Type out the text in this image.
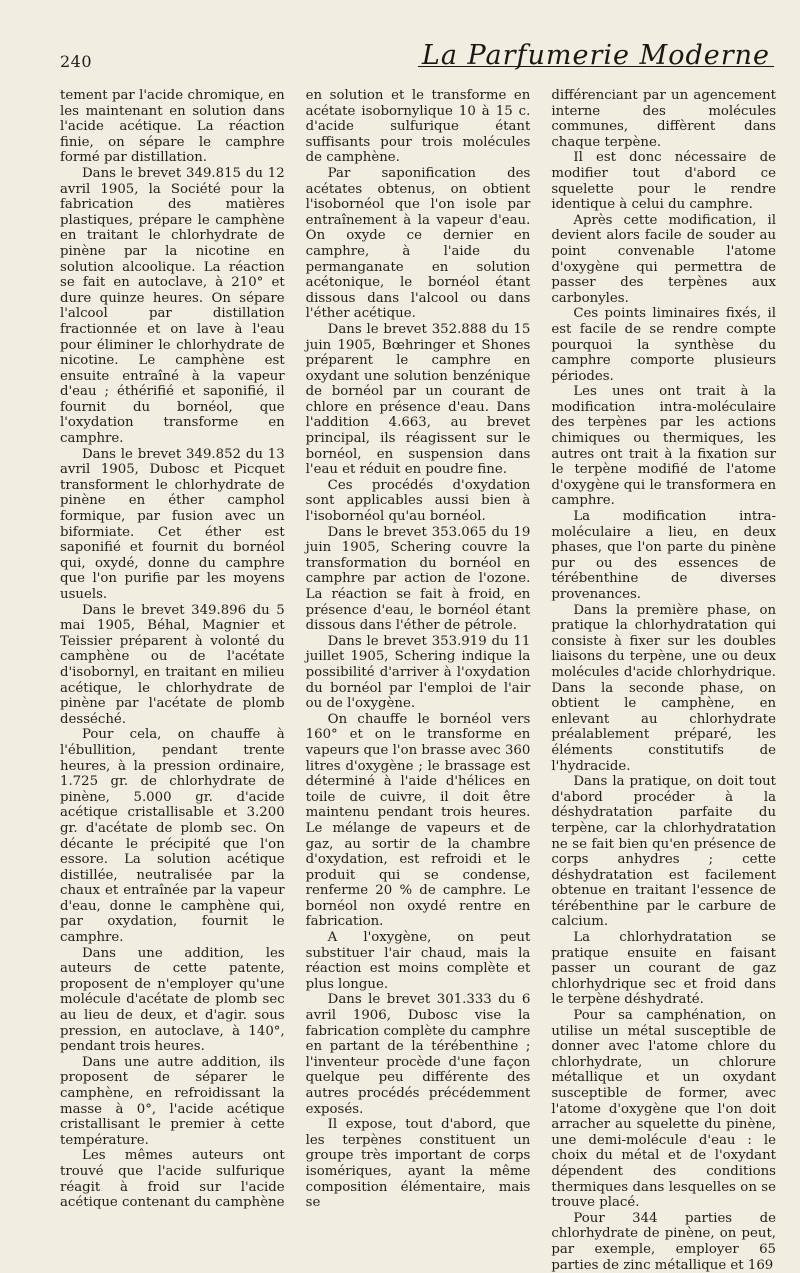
240	La Parfumerie Moderne

tement par l'acide chromique, en les maintenant en solution dans l'acide acétique. La réaction finie, on sépare le camphre formé par distillation.

Dans le brevet 349.815 du 12 avril 1905, la Société pour la fabrication des matières plastiques, prépare le camphène en traitant le chlorhydrate de pinène par la nicotine en solution alcoolique. La réaction se fait en autoclave, à 210° et dure quinze heures. On sépare l'alcool par distillation fractionnée et on lave à l'eau pour éliminer le chlorhydrate de nicotine. Le camphène est ensuite entraîné à la vapeur d'eau ; éthérifié et saponifié, il fournit du bornéol, que l'oxydation transforme en camphre.

Dans le brevet 349.852 du 13 avril 1905, Dubosc et Picquet transforment le chlorhydrate de pinène en éther camphol formique, par fusion avec un biformiate. Cet éther est saponifié et fournit du bornéol qui, oxydé, donne du camphre que l'on purifie par les moyens usuels.

Dans le brevet 349.896 du 5 mai 1905, Béhal, Magnier et Teissier préparent à volonté du camphène ou de l'acétate d'isobornyl, en traitant en milieu acétique, le chlorhydrate de pinène par l'acétate de plomb desséché.

Pour cela, on chauffe à l'ébullition, pendant trente heures, à la pression ordinaire, 1.725 gr. de chlorhydrate de pinène, 5.000 gr. d'acide acétique cristallisable et 3.200 gr. d'acétate de plomb sec. On décante le précipité que l'on essore. La solution acétique distillée, neutralisée par la chaux et entraînée par la vapeur d'eau, donne le camphène qui, par oxydation, fournit le camphre.

Dans une addition, les auteurs de cette patente, proposent de n'employer qu'une molécule d'acétate de plomb sec au lieu de deux, et d'agir. sous pression, en autoclave, à 140°, pendant trois heures.

Dans une autre addition, ils proposent de séparer le camphène, en refroidissant la masse à 0°, l'acide acétique cristallisant le premier à cette température.

Les mêmes auteurs ont trouvé que l'acide sulfurique réagit à froid sur l'acide acétique contenant du camphène

en solution et le transforme en acétate isobornylique 10 à 15 c. d'acide sulfurique étant suffisants pour trois molécules de camphène.

Par saponification des acétates obtenus, on obtient l'isobornéol que l'on isole par entraînement à la vapeur d'eau. On oxyde ce dernier en camphre, à l'aide du permanganate en solution acétonique, le bornéol étant dissous dans l'alcool ou dans l'éther acétique.

Dans le brevet 352.888 du 15 juin 1905, Bœhringer et Shones préparent le camphre en oxydant une solution benzénique de bornéol par un courant de chlore en présence d'eau. Dans l'addition 4.663, au brevet principal, ils réagissent sur le bornéol, en suspension dans l'eau et réduit en poudre fine.

Ces procédés d'oxydation sont applicables aussi bien à l'isobornéol qu'au bornéol.

Dans le brevet 353.065 du 19 juin 1905, Schering couvre la transformation du bornéol en camphre par action de l'ozone. La réaction se fait à froid, en présence d'eau, le bornéol étant dissous dans l'éther de pétrole.

Dans le brevet 353.919 du 11 juillet 1905, Schering indique la possibilité d'arriver à l'oxydation du bornéol par l'emploi de l'air ou de l'oxygène.

On chauffe le bornéol vers 160° et on le transforme en vapeurs que l'on brasse avec 360 litres d'oxygène ; le brassage est déterminé à l'aide d'hélices en toile de cuivre, il doit être maintenu pendant trois heures. Le mélange de vapeurs et de gaz, au sortir de la chambre d'oxydation, est refroidi et le produit qui se condense, renferme 20 % de camphre. Le bornéol non oxydé rentre en fabrication.

A l'oxygène, on peut substituer l'air chaud, mais la réaction est moins complète et plus longue.

Dans le brevet 301.333 du 6 avril 1906, Dubosc vise la fabrication complète du camphre en partant de la térébenthine ; l'inventeur procède d'une façon quelque peu différente des autres procédés précédemment exposés.

Il expose, tout d'abord, que les terpènes constituent un groupe très important de corps isomériques, ayant la même composition élémentaire, mais se

différenciant par un agencement interne des molécules communes, diffèrent dans chaque terpène.

Il est donc nécessaire de modifier tout d'abord ce squelette pour le rendre identique à celui du camphre.

Après cette modification, il devient alors facile de souder au point convenable l'atome d'oxygène qui permettra de passer des terpènes aux carbonyles.

Ces points liminaires fixés, il est facile de se rendre compte pourquoi la synthèse du camphre comporte plusieurs périodes.

Les unes ont trait à la modification intra-moléculaire des terpènes par les actions chimiques ou thermiques, les autres ont trait à la fixation sur le terpène modifié de l'atome d'oxygène qui le transformera en camphre.

La modification intra-moléculaire a lieu, en deux phases, que l'on parte du pinène pur ou des essences de térébenthine de diverses provenances.

Dans la première phase, on pratique la chlorhydratation qui consiste à fixer sur les doubles liaisons du terpène, une ou deux molécules d'acide chlorhydrique. Dans la seconde phase, on obtient le camphène, en enlevant au chlorhydrate préalablement préparé, les éléments constitutifs de l'hydracide.

Dans la pratique, on doit tout d'abord procéder à la déshydratation parfaite du terpène, car la chlorhydratation ne se fait bien qu'en présence de corps anhydres ; cette déshydratation est facilement obtenue en traitant l'essence de térébenthine par le carbure de calcium.

La chlorhydratation se pratique ensuite en faisant passer un courant de gaz chlorhydrique sec et froid dans le terpène déshydraté.

Pour sa camphénation, on utilise un métal susceptible de donner avec l'atome chlore du chlorhydrate, un chlorure métallique et un oxydant susceptible de former, avec l'atome d'oxygène que l'on doit arracher au squelette du pinène, une demi-molécule d'eau : le choix du métal et de l'oxydant dépendent des conditions thermiques dans lesquelles on se trouve placé.

Pour 344 parties de chlorhydrate de pinène, on peut, par exemple, employer 65 parties de zinc métallique et 169
